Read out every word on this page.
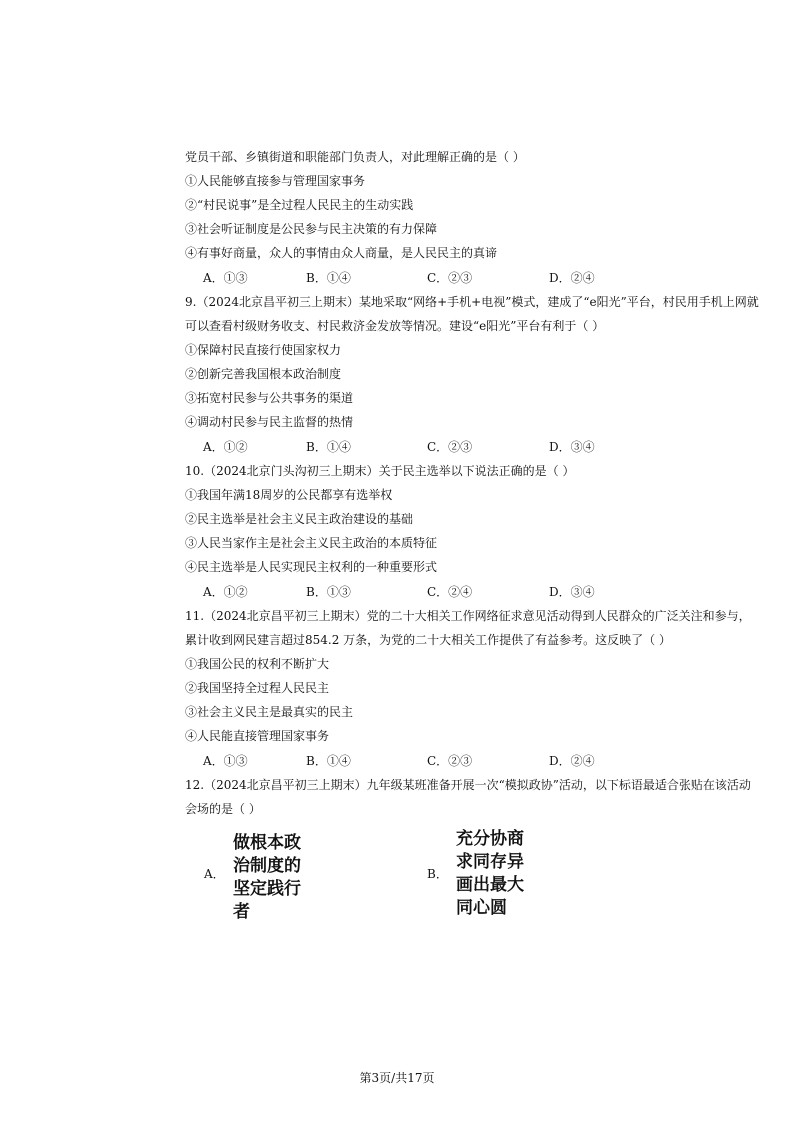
党员干部、乡镇街道和职能部门负责人，对此理解正确的是（ ）
①人民能够直接参与管理国家事务
②“村民说事”是全过程人民民主的生动实践
③社会听证制度是公民参与民主决策的有力保障
④有事好商量，众人的事情由众人商量，是人民民主的真谛
A．①③	B．①④	C．②③	D．②④
9.（2024北京昌平初三上期末）某地采取“网络+手机+电视”模式，建成了“e阳光”平台，村民用手机上网就
可以查看村级财务收支、村民救济金发放等情况。建设“e阳光”平台有利于（ ）
①保障村民直接行使国家权力
②创新完善我国根本政治制度
③拓宽村民参与公共事务的渠道
④调动村民参与民主监督的热情
A．①②	B．①④	C．②③	D．③④
10.（2024北京门头沟初三上期末）关于民主选举以下说法正确的是（ ）
①我国年满18周岁的公民都享有选举权
②民主选举是社会主义民主政治建设的基础
③人民当家作主是社会主义民主政治的本质特征
④民主选举是人民实现民主权利的一种重要形式
A．①②	B．①③	C．②④	D．③④
11.（2024北京昌平初三上期末）党的二十大相关工作网络征求意见活动得到人民群众的广泛关注和参与，
累计收到网民建言超过854.2 万条，为党的二十大相关工作提供了有益参考。这反映了（ ）
①我国公民的权利不断扩大
②我国坚持全过程人民民主
③社会主义民主是最真实的民主
④人民能直接管理国家事务
A．①③	B．①④	C．②③	D．②④
12.（2024北京昌平初三上期末）九年级某班准备开展一次“模拟政协”活动，以下标语最适合张贴在该活动
会场的是（ ）
A．
做根本政
治制度的
坚定践行
者
B．
充分协商
求同存异
画出最大
同心圆
第3页/共17页
